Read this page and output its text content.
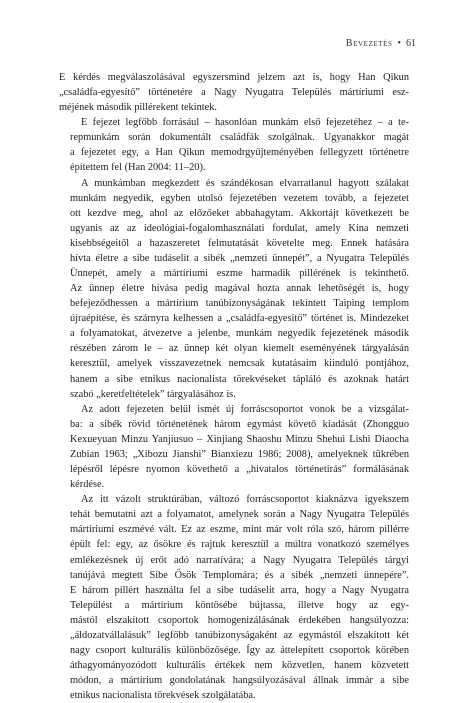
Bevezetés • 61

E kérdés megválaszolásával egyszersmind jelzem azt is, hogy Han Qikun
„családfa-egyesítő” történetére a Nagy Nyugatra Település mártíriumi esz-
méjének második pillérekent tekintek.

E fejezet legfőbb forrásául – hasonlóan munkám első fejezetéhez – a te-
repmunkám során dokumentált családfák szolgálnak. Ugyanakkor magát
a fejezetet egy, a Han Qikun memodrgyűjteményében fellegyzett történetre
építettem fel (Han 2004: 11–20).

A munkámban megkezdett és szándékosan elvarratlanul hagyott szálakat
munkám negyedik, egyben utolsó fejezetében vezetem tovább, a fejezetet
ott kezdve meg, ahol az előzőeket abbahagytam. Akkortájt következett be
ugyanis az az ideológiai-fogalomhasználati fordulat, amely Kína nemzeti
kisebbségeitől a hazaszeretet felmutatását követelte meg. Ennek hatására
hívta életre a sibe tudáselit a sibék „nemzeti ünnepét”, a Nyugatra Település
Ünnepét, amely a mártíriumi eszme harmadik pillérének is tekinthető.
Az ünnep életre hívása pedig magával hozta annak lehetőségét is, hogy
befejeződhessen a mártírium tanúbizonyságának tekintett Taiping templom
újraépítése, és szárnyra kelhessen a „családfa-egyesítő” történet is. Mindezeket
a folyamatokat, átvezetve a jelenbe, munkám negyedik fejezetének második
részében zárom le – az ünnep két olyan kiemelt eseményének tárgyalásán
keresztül, amelyek visszavezetnek nemcsak kutatásaim kiinduló pontjához,
hanem a sibe etnikus nacionalista törekvéseket tápláló és azoknak határt
szabó „keretfeltételek” tárgyalásához is.

Az adott fejezeten belül ismét új forráscsoportot vonok be a vizsgálat-
ba: a sibék rövid történetének három egymást követő kiadását (Zhongguo
Kexueyuan Minzu Yanjiusuo – Xinjiang Shaoshu Minzu Shehui Lishi Diaocha
Zubian 1963; „Xibozu Jianshi” Bianxiezu 1986; 2008), amelyeknek tükrében
lépésről lépésre nyomon követhető a „hivatalos történetírás” formálásának
kérdése.

Az itt vázolt struktúrában, változó forráscsoportot kiaknázva igyekszem
tehát bemutatni azt a folyamatot, amelynek során a Nagy Nyugatra Település
mártíriumi eszmévé vált. Ez az eszme, mint már volt róla szó, három pillérre
épült fel: egy, az ősökre és rajtuk keresztül a múltra vonatkozó személyes
emlékezésnek új erőt adó narratívára; a Nagy Nyugatra Település tárgyi
tanújává megtett Sibe Ősök Templomára; és a sibék „nemzeti ünnepére”.
E három pillért használta fel a sibe tudáselit arra, hogy a Nagy Nyugatra
Települést a mártírium köntösébe bújtassa, illetve hogy az egy-
mástól elszakított csoportok homogenizálásának érdekében hangsúlyozza:
„áldozatvállalásuk” legfőbb tanúbizonyságaként az egymástól elszakított két
nagy csoport kulturális különbözősége. Így az áttelepített csoportok körében
áthagyományozódott kulturális értékek nem közvetlen, hanem közvetett
módon, a mártírium gondolatának hangsúlyozásával állnak immár a sibe
etnikus nacionalista törekvések szolgálatába.
